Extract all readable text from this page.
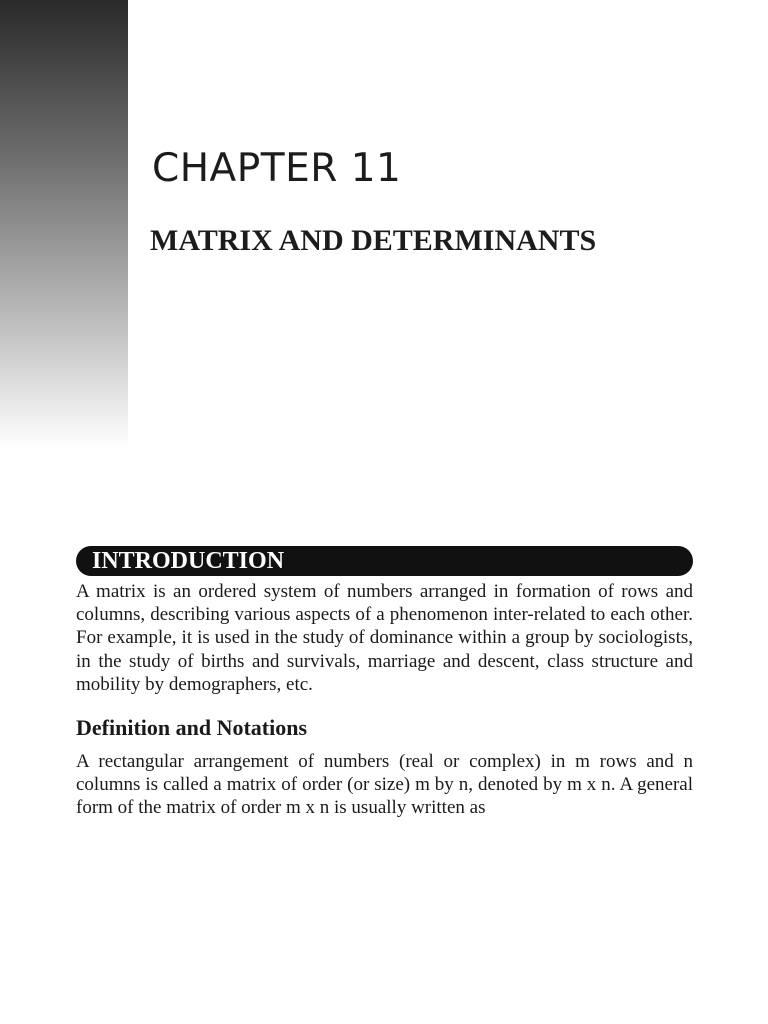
CHAPTER 11
MATRIX AND DETERMINANTS
INTRODUCTION

A matrix is an ordered system of numbers arranged in formation of rows and columns, describing various aspects of a phenomenon inter-related to each other. For example, it is used in the study of dominance within a group by sociologists, in the study of births and survivals, marriage and descent, class structure and mobility by demographers, etc.

Definition and Notations

A rectangular arrangement of numbers (real or complex) in m rows and n columns is called a matrix of order (or size) m by n, denoted by m x n. A general form of the matrix of order m x n is usually written as
